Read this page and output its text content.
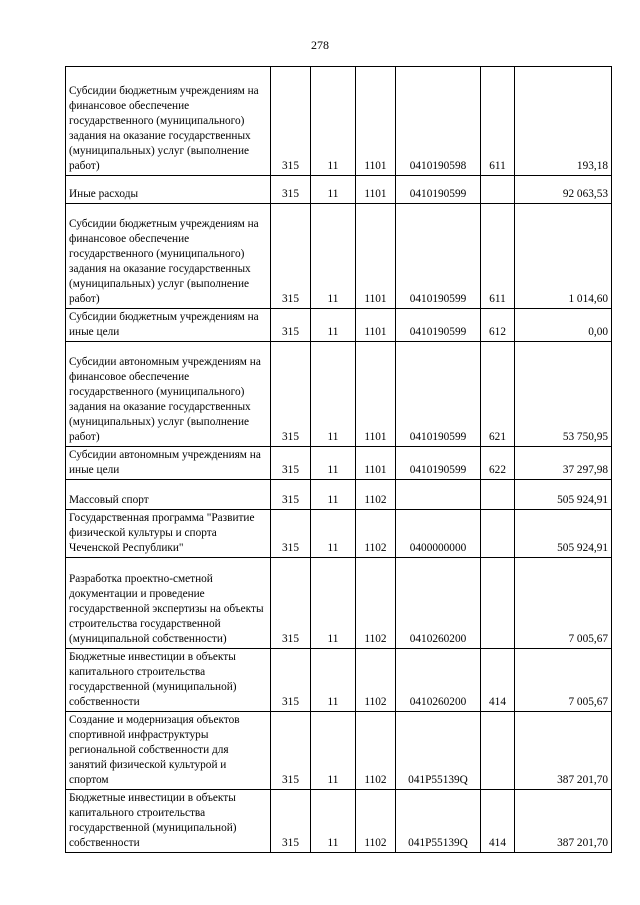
278
Субсидии бюджетным учреждениям на финансовое обеспечение государственного (муниципального) задания на оказание государственных (муниципальных) услуг (выполнение работ)	315	11	1101	0410190598	611	193,18
Иные расходы	315	11	1101	0410190599		92 063,53
Субсидии бюджетным учреждениям на финансовое обеспечение государственного (муниципального) задания на оказание государственных (муниципальных) услуг (выполнение работ)	315	11	1101	0410190599	611	1 014,60
Субсидии бюджетным учреждениям на иные цели	315	11	1101	0410190599	612	0,00
Субсидии автономным учреждениям на финансовое обеспечение государственного (муниципального) задания на оказание государственных (муниципальных) услуг (выполнение работ)	315	11	1101	0410190599	621	53 750,95
Субсидии автономным учреждениям на иные цели	315	11	1101	0410190599	622	37 297,98
Массовый спорт	315	11	1102			505 924,91
Государственная программа "Развитие физической культуры и спорта Чеченской Республики"	315	11	1102	0400000000		505 924,91
Разработка проектно-сметной документации и проведение государственной экспертизы на объекты строительства государственной (муниципальной собственности)	315	11	1102	0410260200		7 005,67
Бюджетные инвестиции в объекты капитального строительства государственной (муниципальной) собственности	315	11	1102	0410260200	414	7 005,67
Создание и модернизация объектов спортивной инфраструктуры региональной собственности для занятий физической культурой и спортом	315	11	1102	041P55139Q		387 201,70
Бюджетные инвестиции в объекты капитального строительства государственной (муниципальной) собственности	315	11	1102	041P55139Q	414	387 201,70
